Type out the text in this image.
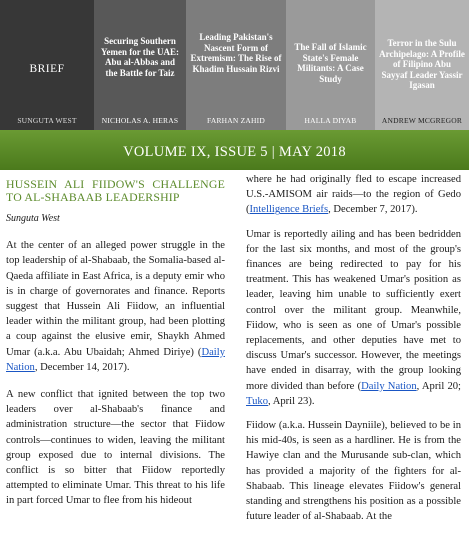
BRIEF
SUNGUTA WEST
Securing Southern Yemen for the UAE: Abu al-Abbas and the Battle for Taiz
NICHOLAS A. HERAS
Leading Pakistan's Nascent Form of Extremism: The Rise of Khadim Hussain Rizvi
FARHAN ZAHID
The Fall of Islamic State's Female Militants: A Case Study
HALLA DIYAB
Terror in the Sulu Archipelago: A Profile of Filipino Abu Sayyaf Leader Yassir Igasan
ANDREW MCGREGOR
VOLUME IX, ISSUE 5 | MAY 2018
HUSSEIN ALI FIIDOW'S CHALLENGE TO AL-SHABAAB LEADERSHIP
Sunguta West

At the center of an alleged power struggle in the top leadership of al-Shabaab, the Somalia-based al-Qaeda affiliate in East Africa, is a deputy emir who is in charge of governorates and finance. Reports suggest that Hussein Ali Fiidow, an influential leader within the militant group, had been plotting a coup against the elusive emir, Shaykh Ahmed Umar (a.k.a. Abu Ubaidah; Ahmed Diriye) (Daily Nation, December 14, 2017).

A new conflict that ignited between the top two leaders over al-Shabaab's finance and administration structure—the sector that Fiidow controls—continues to widen, leaving the militant group exposed due to internal divisions. The conflict is so bitter that Fiidow reportedly attempted to eliminate Umar. This threat to his life in part forced Umar to flee from his hideout

where he had originally fled to escape increased U.S.-AMISOM air raids—to the region of Gedo (Intelligence Briefs, December 7, 2017).

Umar is reportedly ailing and has been bedridden for the last six months, and most of the group's finances are being redirected to pay for his treatment. This has weakened Umar's position as leader, leaving him unable to sufficiently exert control over the militant group. Meanwhile, Fiidow, who is seen as one of Umar's possible replacements, and other deputies have met to discuss Umar's successor. However, the meetings have ended in disarray, with the group looking more divided than before (Daily Nation, April 20; Tuko, April 23).

Fiidow (a.k.a. Hussein Dayniile), believed to be in his mid-40s, is seen as a hardliner. He is from the Hawiye clan and the Murusande sub-clan, which has provided a majority of the fighters for al-Shabaab. This lineage elevates Fiidow's general standing and strengthens his position as a possible future leader of al-Shabaab. At the
